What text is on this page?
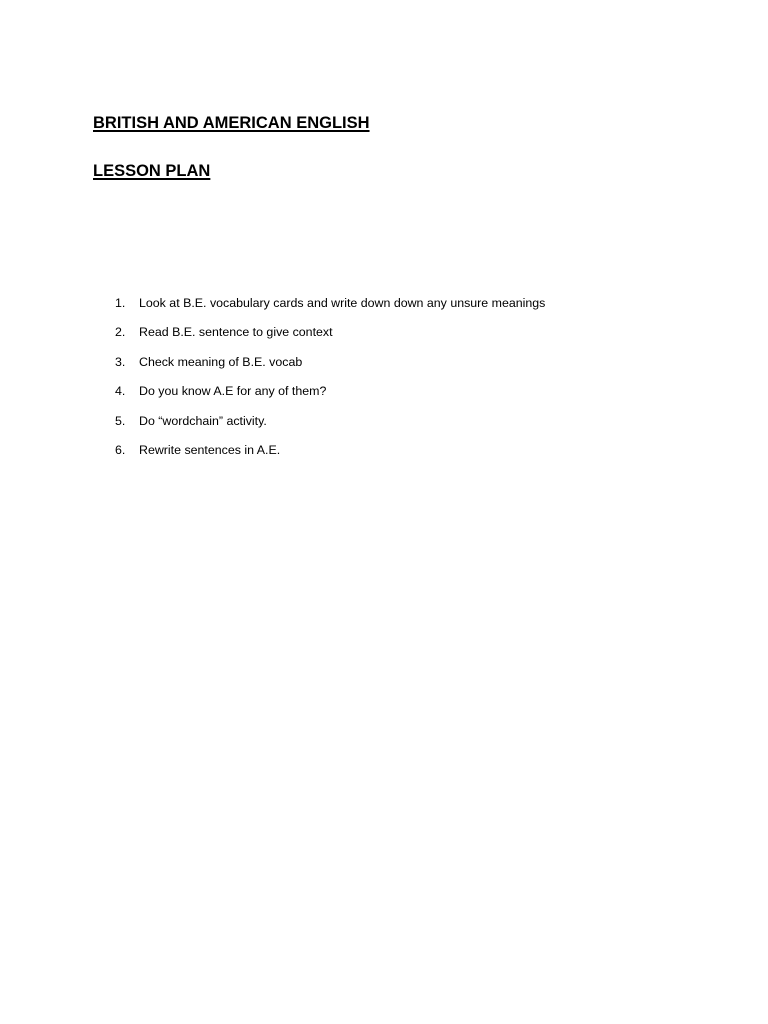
BRITISH AND AMERICAN ENGLISH
LESSON PLAN
1. Look at B.E. vocabulary cards and write down down any unsure meanings
2. Read B.E. sentence to give context
3. Check meaning of B.E. vocab
4. Do you know A.E for any of them?
5. Do “wordchain” activity.
6. Rewrite sentences in A.E.
